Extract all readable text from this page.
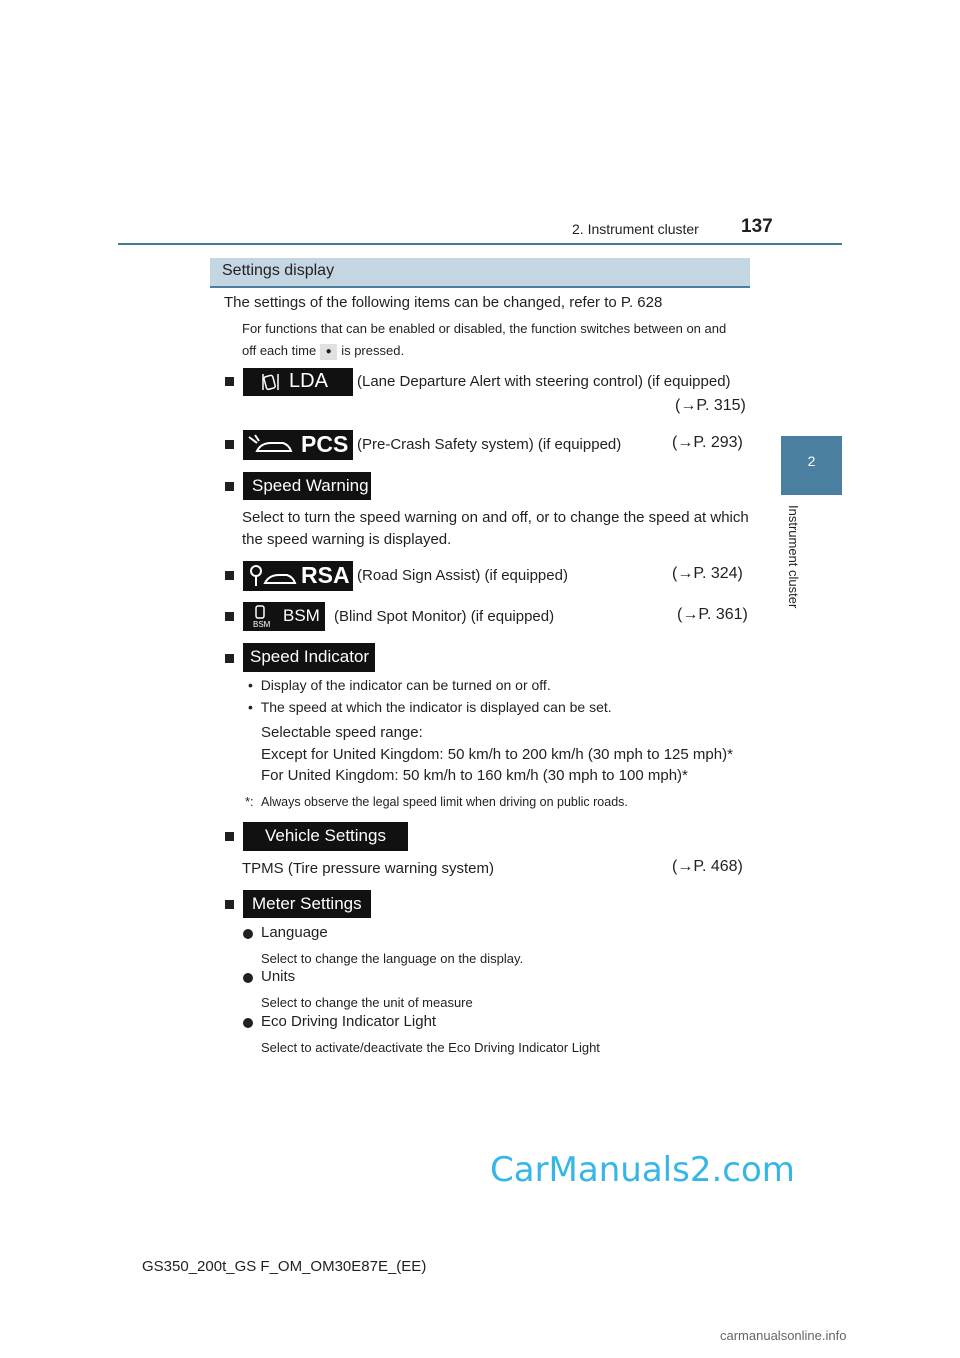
2. Instrument cluster 137
2
Instrument cluster
Settings display
The settings of the following items can be changed, refer to P. 628
For functions that can be enabled or disabled, the function switches between on and
off each time ● is pressed.
LDA (Lane Departure Alert with steering control) (if equipped)
(→P. 315)
PCS (Pre-Crash Safety system) (if equipped)	(→P. 293)
Speed Warning
Select to turn the speed warning on and off, or to change the speed at which
the speed warning is displayed.
RSA (Road Sign Assist) (if equipped)	(→P. 324)
BSM BSM (Blind Spot Monitor) (if equipped)	(→P. 361)
Speed Indicator
•  Display of the indicator can be turned on or off.
•  The speed at which the indicator is displayed can be set.
Selectable speed range:
Except for United Kingdom: 50 km/h to 200 km/h (30 mph to 125 mph)*
For United Kingdom: 50 km/h to 160 km/h (30 mph to 100 mph)*
*: Always observe the legal speed limit when driving on public roads.
Vehicle Settings
TPMS (Tire pressure warning system)	(→P. 468)
Meter Settings
Language
Select to change the language on the display.
Units
Select to change the unit of measure
Eco Driving Indicator Light
Select to activate/deactivate the Eco Driving Indicator Light
CarManuals2.com
GS350_200t_GS F_OM_OM30E87E_(EE)
carmanualsonline.info
